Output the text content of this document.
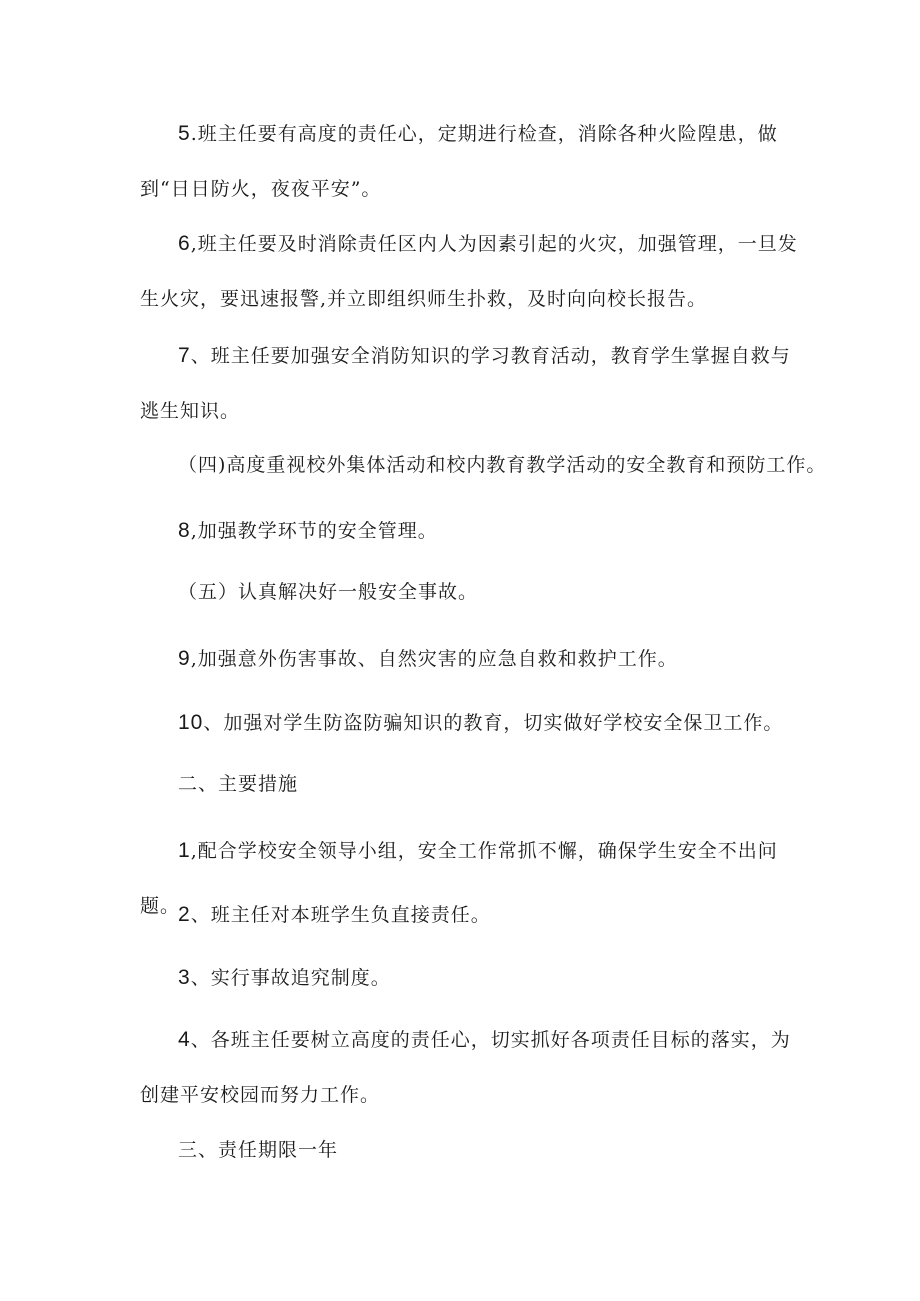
5.班主任要有高度的责任心，定期进行检查，消除各种火险隍患，做到“日日防火，夜夜平安”。

6,班主任要及时消除责任区内人为因素引起的火灾，加强管理，一旦发生火灾，要迅速报警,并立即组织师生扑救，及时向向校长报告。

7、班主任要加强安全消防知识的学习教育活动，教育学生掌握自救与逃生知识。

（四)高度重视校外集体活动和校内教育教学活动的安全教育和预防工作。

8,加强教学环节的安全管理。

（五）认真解决好一般安全事故。

9,加强意外伤害事故、自然灾害的应急自救和救护工作。

10、加强对学生防盗防骗知识的教育，切实做好学校安全保卫工作。

二、主要措施

1,配合学校安全领导小组，安全工作常抓不懈，确保学生安全不出问题。

2、班主任对本班学生负直接责任。

3、实行事故追究制度。

4、各班主任要树立高度的责任心，切实抓好各项责任目标的落实，为创建平安校园而努力工作。

三、责任期限一年
